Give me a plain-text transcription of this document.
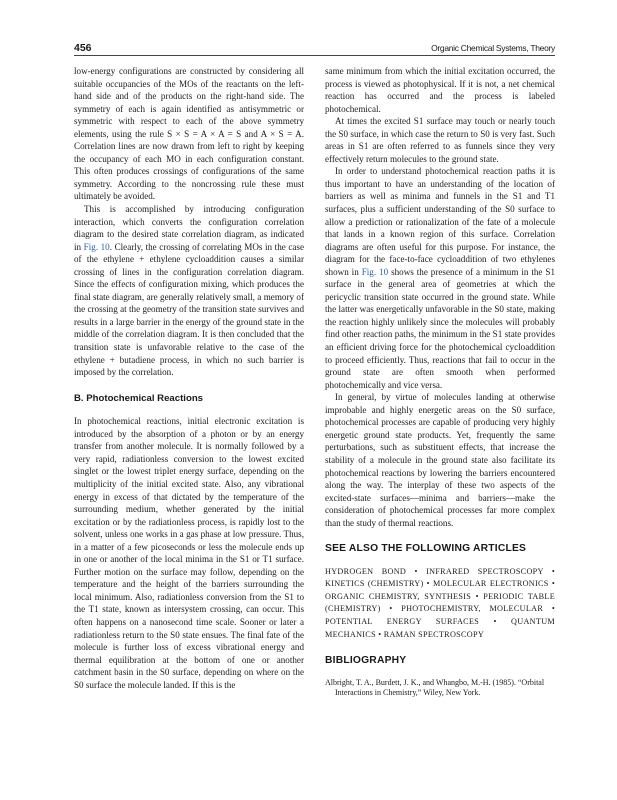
456	Organic Chemical Systems, Theory

low-energy configurations are constructed by considering all suitable occupancies of the MOs of the reactants on the left-hand side and of the products on the right-hand side. The symmetry of each is again identified as antisymmetric or symmetric with respect to each of the above symmetry elements, using the rule S × S = A × A = S and A × S = A. Correlation lines are now drawn from left to right by keeping the occupancy of each MO in each configuration constant. This often produces crossings of configurations of the same symmetry. According to the noncrossing rule these must ultimately be avoided.

This is accomplished by introducing configuration interaction, which converts the configuration correlation diagram to the desired state correlation diagram, as indicated in Fig. 10. Clearly, the crossing of correlating MOs in the case of the ethylene + ethylene cycloaddition causes a similar crossing of lines in the configuration correlation diagram. Since the effects of configuration mixing, which produces the final state diagram, are generally relatively small, a memory of the crossing at the geometry of the transition state survives and results in a large barrier in the energy of the ground state in the middle of the correlation diagram. It is then concluded that the transition state is unfavorable relative to the case of the ethylene + butadiene process, in which no such barrier is imposed by the correlation.

B. Photochemical Reactions

In photochemical reactions, initial electronic excitation is introduced by the absorption of a photon or by an energy transfer from another molecule. It is normally followed by a very rapid, radiationless conversion to the lowest excited singlet or the lowest triplet energy surface, depending on the multiplicity of the initial excited state. Also, any vibrational energy in excess of that dictated by the temperature of the surrounding medium, whether generated by the initial excitation or by the radiationless process, is rapidly lost to the solvent, unless one works in a gas phase at low pressure. Thus, in a matter of a few picoseconds or less the molecule ends up in one or another of the local minima in the S1 or T1 surface. Further motion on the surface may follow, depending on the temperature and the height of the barriers surrounding the local minimum. Also, radiationless conversion from the S1 to the T1 state, known as intersystem crossing, can occur. This often happens on a nanosecond time scale. Sooner or later a radiationless return to the S0 state ensues. The final fate of the molecule is further loss of excess vibrational energy and thermal equilibration at the bottom of one or another catchment basin in the S0 surface, depending on where on the S0 surface the molecule landed. If this is the

same minimum from which the initial excitation occurred, the process is viewed as photophysical. If it is not, a net chemical reaction has occurred and the process is labeled photochemical.

At times the excited S1 surface may touch or nearly touch the S0 surface, in which case the return to S0 is very fast. Such areas in S1 are often referred to as funnels since they very effectively return molecules to the ground state.

In order to understand photochemical reaction paths it is thus important to have an understanding of the location of barriers as well as minima and funnels in the S1 and T1 surfaces, plus a sufficient understanding of the S0 surface to allow a prediction or rationalization of the fate of a molecule that lands in a known region of this surface. Correlation diagrams are often useful for this purpose. For instance, the diagram for the face-to-face cycloaddition of two ethylenes shown in Fig. 10 shows the presence of a minimum in the S1 surface in the general area of geometries at which the pericyclic transition state occurred in the ground state. While the latter was energetically unfavorable in the S0 state, making the reaction highly unlikely since the molecules will probably find other reaction paths, the minimum in the S1 state provides an efficient driving force for the photochemical cycloaddition to proceed efficiently. Thus, reactions that fail to occur in the ground state are often smooth when performed photochemically and vice versa.

In general, by virtue of molecules landing at otherwise improbable and highly energetic areas on the S0 surface, photochemical processes are capable of producing very highly energetic ground state products. Yet, frequently the same perturbations, such as substituent effects, that increase the stability of a molecule in the ground state also facilitate its photochemical reactions by lowering the barriers encountered along the way. The interplay of these two aspects of the excited-state surfaces—minima and barriers—make the consideration of photochemical processes far more complex than the study of thermal reactions.

SEE ALSO THE FOLLOWING ARTICLES

HYDROGEN BOND • INFRARED SPECTROSCOPY • KINETICS (CHEMISTRY) • MOLECULAR ELECTRONICS • ORGANIC CHEMISTRY, SYNTHESIS • PERIODIC TABLE (CHEMISTRY) • PHOTOCHEMISTRY, MOLECULAR • POTENTIAL ENERGY SURFACES • QUANTUM MECHANICS • RAMAN SPECTROSCOPY

BIBLIOGRAPHY

Albright, T. A., Burdett, J. K., and Whangbo, M.-H. (1985). “Orbital Interactions in Chemistry,” Wiley, New York.
